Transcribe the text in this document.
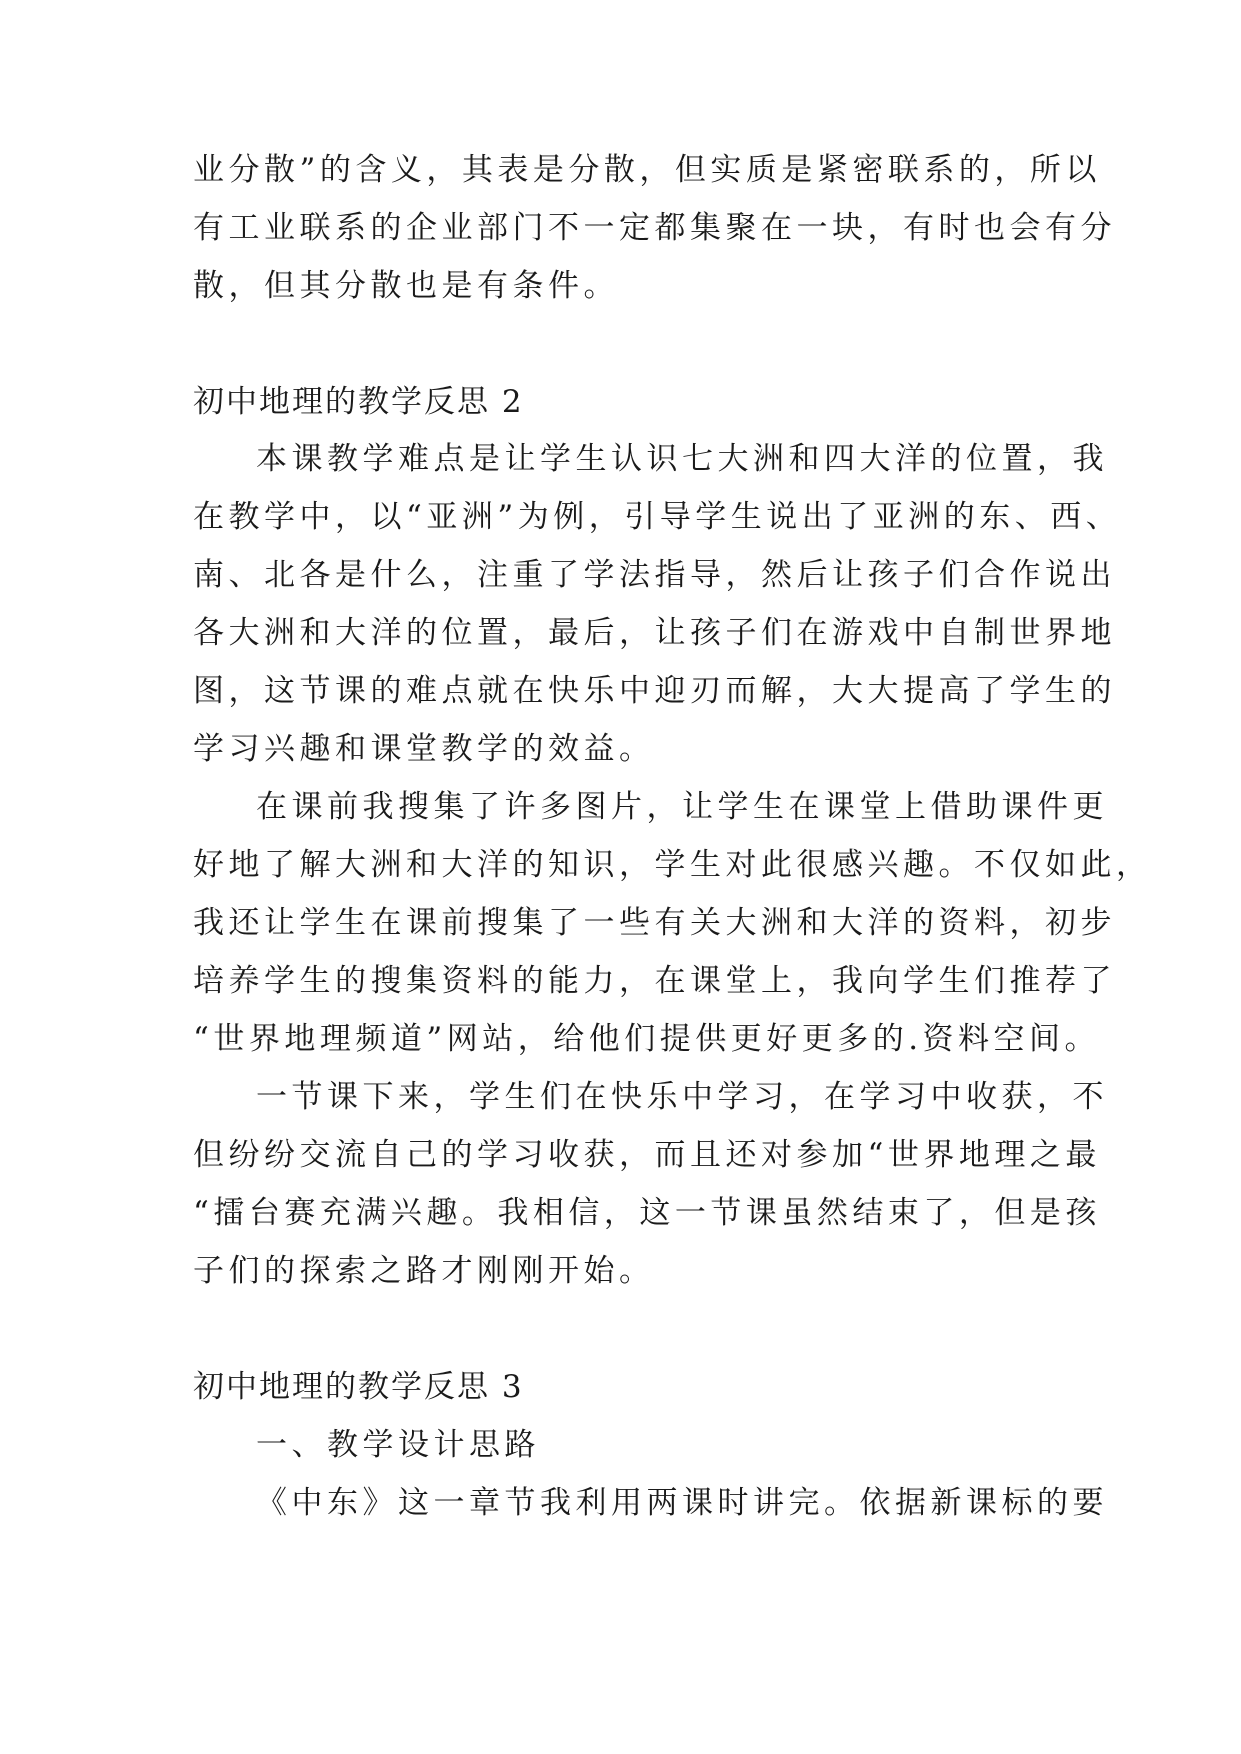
业分散”的含义，其表是分散，但实质是紧密联系的，所以
有工业联系的企业部门不一定都集聚在一块，有时也会有分
散，但其分散也是有条件。
初中地理的教学反思 2
本课教学难点是让学生认识七大洲和四大洋的位置，我
在教学中，以“亚洲”为例，引导学生说出了亚洲的东、西、
南、北各是什么，注重了学法指导，然后让孩子们合作说出
各大洲和大洋的位置，最后，让孩子们在游戏中自制世界地
图，这节课的难点就在快乐中迎刃而解，大大提高了学生的
学习兴趣和课堂教学的效益。
在课前我搜集了许多图片，让学生在课堂上借助课件更
好地了解大洲和大洋的知识，学生对此很感兴趣。不仅如此，
我还让学生在课前搜集了一些有关大洲和大洋的资料，初步
培养学生的搜集资料的能力，在课堂上，我向学生们推荐了
“世界地理频道”网站，给他们提供更好更多的.资料空间。
一节课下来，学生们在快乐中学习，在学习中收获，不
但纷纷交流自己的学习收获，而且还对参加“世界地理之最
“擂台赛充满兴趣。我相信，这一节课虽然结束了，但是孩
子们的探索之路才刚刚开始。
初中地理的教学反思 3
一、教学设计思路
《中东》这一章节我利用两课时讲完。依据新课标的要
